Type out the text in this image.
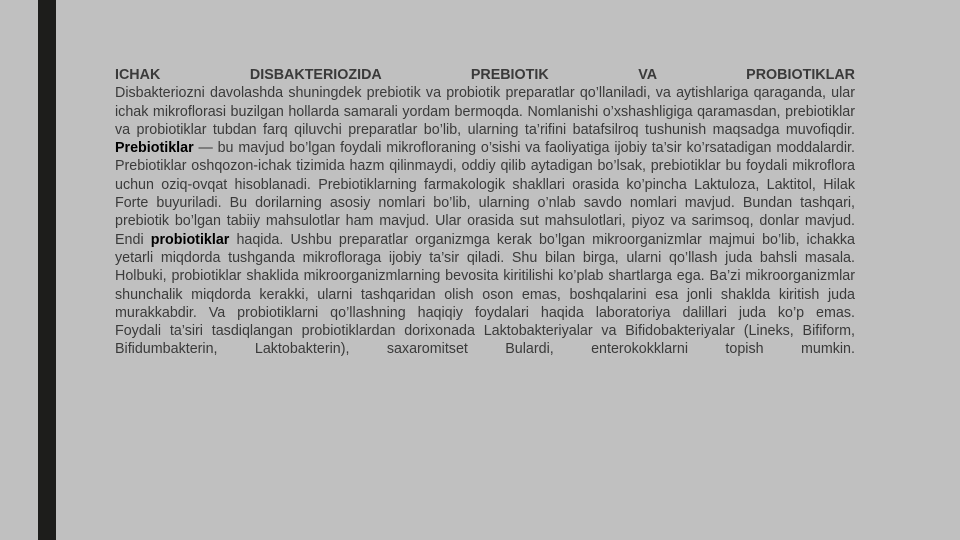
ICHAK DISBAKTERIOZIDA PREBIOTIK VA PROBIOTIKLAR

Disbakteriozni davolashda shuningdek prebiotik va probiotik preparatlar qo’llaniladi, va aytishlariga qaraganda, ular ichak mikroflorasi buzilgan hollarda samarali yordam bermoqda. Nomlanishi o’xshashligiga qaramasdan, prebiotiklar va probiotiklar tubdan farq qiluvchi preparatlar bo’lib, ularning ta’rifini batafsilroq tushunish maqsadga muvofiqdir.

Prebiotiklar — bu mavjud bo’lgan foydali mikrofloraning o’sishi va faoliyatiga ijobiy ta’sir ko’rsatadigan moddalardir. Prebiotiklar oshqozon-ichak tizimida hazm qilinmaydi, oddiy qilib aytadigan bo’lsak, prebiotiklar bu foydali mikroflora uchun oziq-ovqat hisoblanadi. Prebiotiklarning farmakologik shakllari orasida ko’pincha Laktuloza, Laktitol, Hilak Forte buyuriladi. Bu dorilarning asosiy nomlari bo’lib, ularning o’nlab savdo nomlari mavjud. Bundan tashqari, prebiotik bo’lgan tabiiy mahsulotlar ham mavjud. Ular orasida sut mahsulotlari, piyoz va sarimsoq, donlar mavjud.

Endi probiotiklar haqida. Ushbu preparatlar organizmga kerak bo’lgan mikroorganizmlar majmui bo’lib, ichakka yetarli miqdorda tushganda mikrofloraga ijobiy ta’sir qiladi. Shu bilan birga, ularni qo’llash juda bahsli masala.

Holbuki, probiotiklar shaklida mikroorganizmlarning bevosita kiritilishi ko’plab shartlarga ega. Ba’zi mikroorganizmlar shunchalik miqdorda kerakki, ularni tashqaridan olish oson emas, boshqalarini esa jonli shaklda kiritish juda murakkabdir. Va probiotiklarni qo’llashning haqiqiy foydalari haqida laboratoriya dalillari juda ko’p emas.

Foydali ta’siri tasdiqlangan probiotiklardan dorixonada Laktobakteriyalar va Bifidobakteriyalar (Lineks, Bifiform, Bifidumbakterin, Laktobakterin), saxaromitset Bulardi, enterokokklarni topish mumkin.
